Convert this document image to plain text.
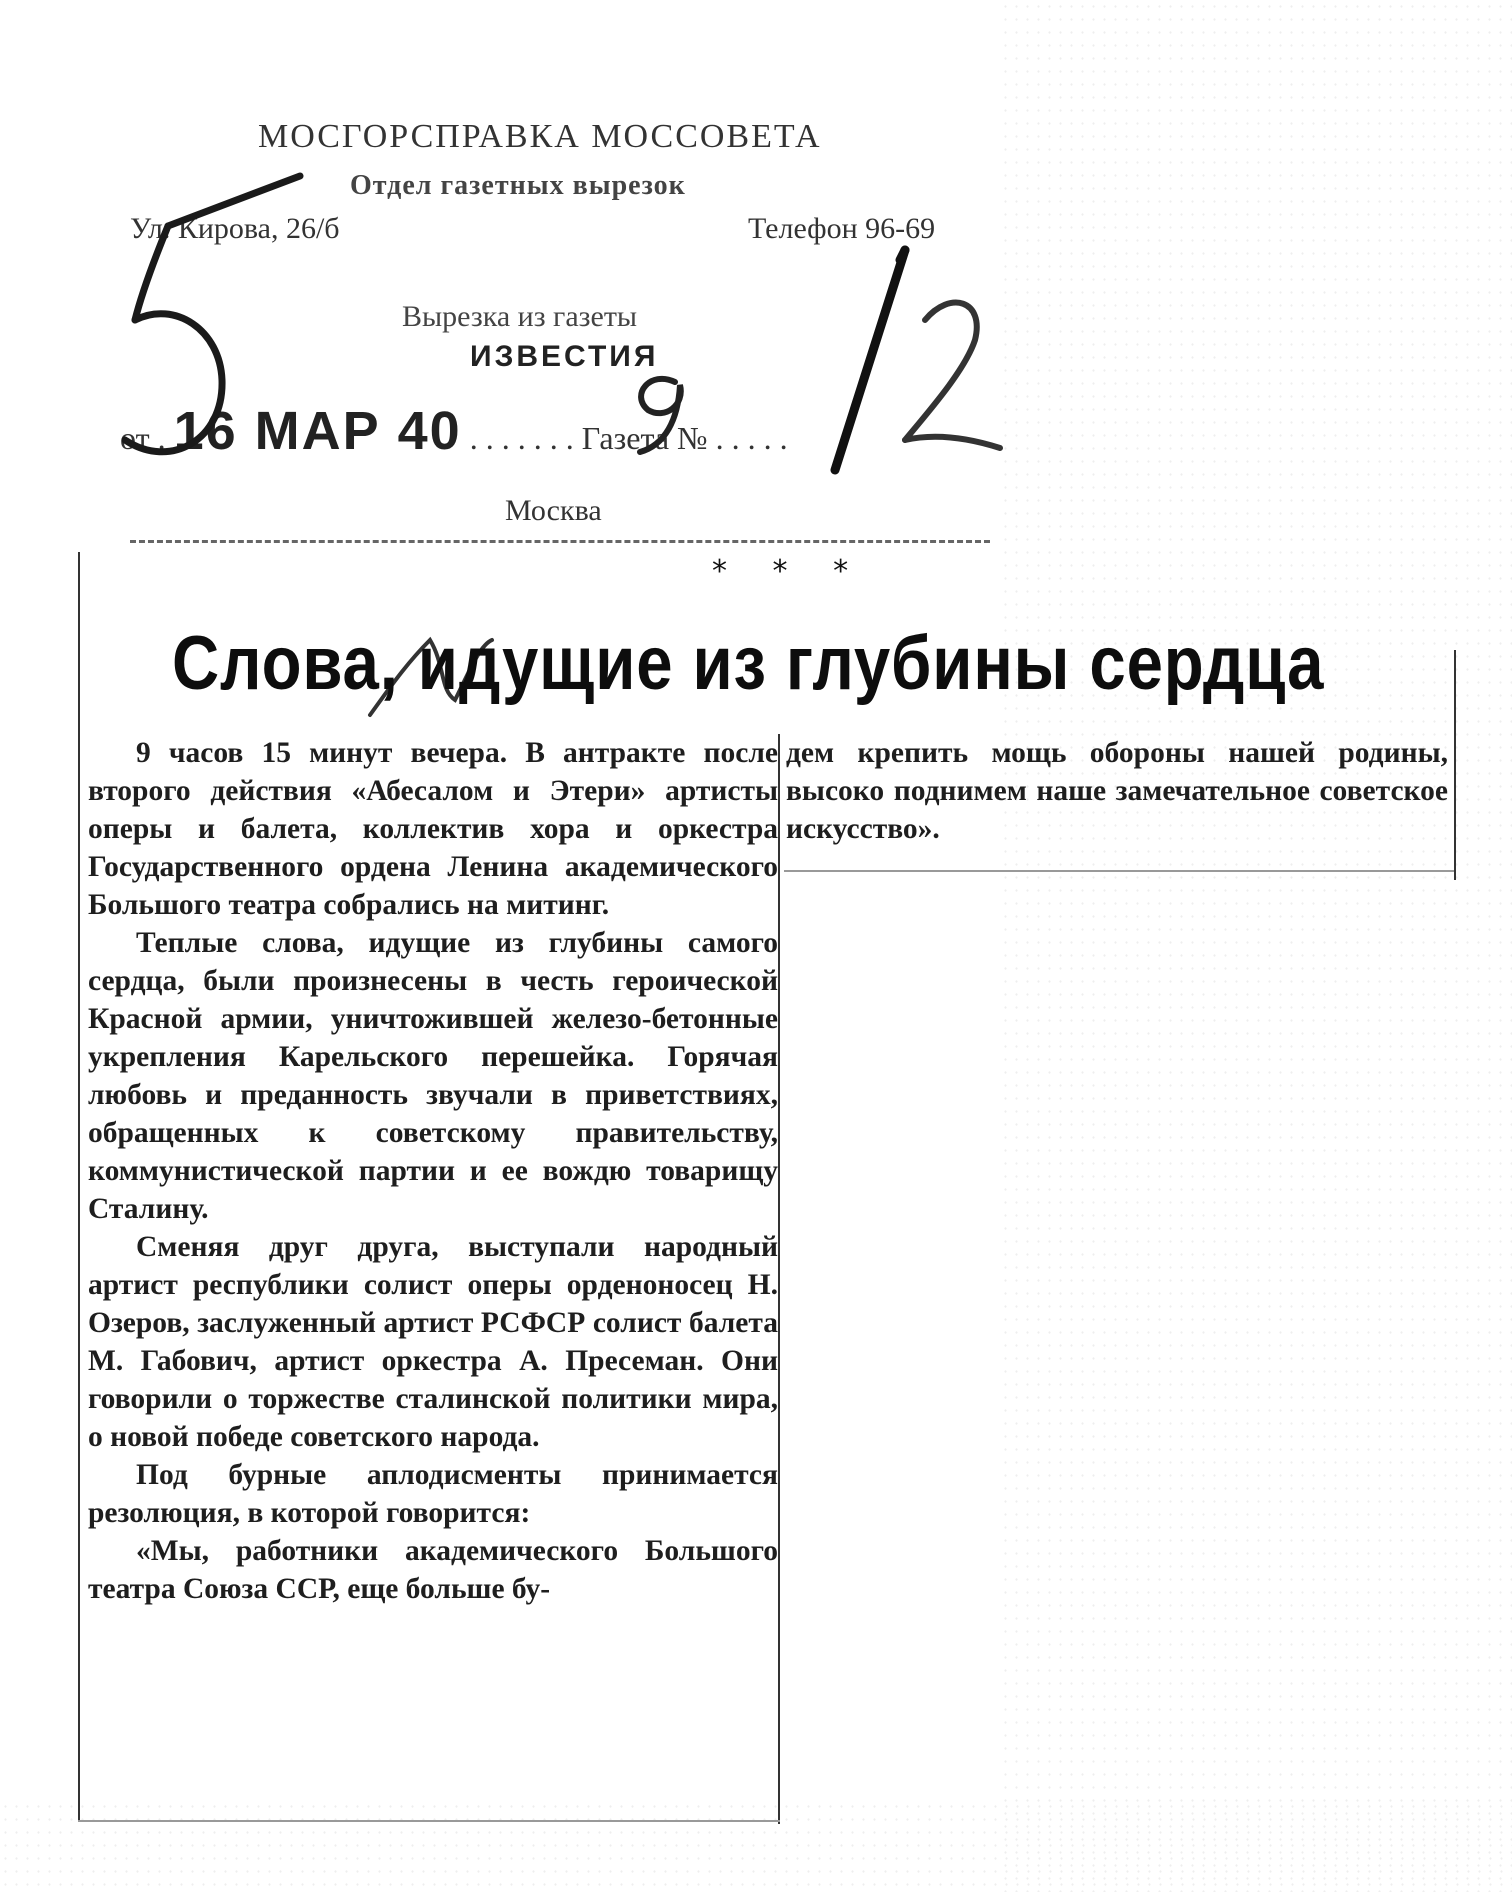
МОСГОРСПРАВКА МОССОВЕТА
Отдел газетных вырезок
Ул. Кирова, 26/б	Телефон 96-69
Вырезка из газеты
ИЗВЕСТИЯ
от . 16 МАР 40 . . . . . . . Газета № . . . . .
Москва
* * *
Слова, идущие из глубины сердца

9 часов 15 минут вечера. В антракте после второго действия «Абесалом и Этери» артисты оперы и балета, коллектив хора и оркестра Государственного ордена Ленина академического Большого театра собрались на митинг.

Теплые слова, идущие из глубины самого сердца, были произнесены в честь героической Красной армии, уничтожившей железо-бетонные укрепления Карельского перешейка. Горячая любовь и преданность звучали в приветствиях, обращенных к советскому правительству, коммунистической партии и ее вождю товарищу Сталину.

Сменяя друг друга, выступали народный артист республики солист оперы орденоносец Н. Озеров, заслуженный артист РСФСР солист балета М. Габович, артист оркестра А. Пресеман. Они говорили о торжестве сталинской политики мира, о новой победе советского народа.

Под бурные аплодисменты принимается резолюция, в которой говорится:

«Мы, работники академического Большого театра Союза ССР, еще больше бу-

дем крепить мощь обороны нашей родины, высоко поднимем наше замечательное советское искусство».
